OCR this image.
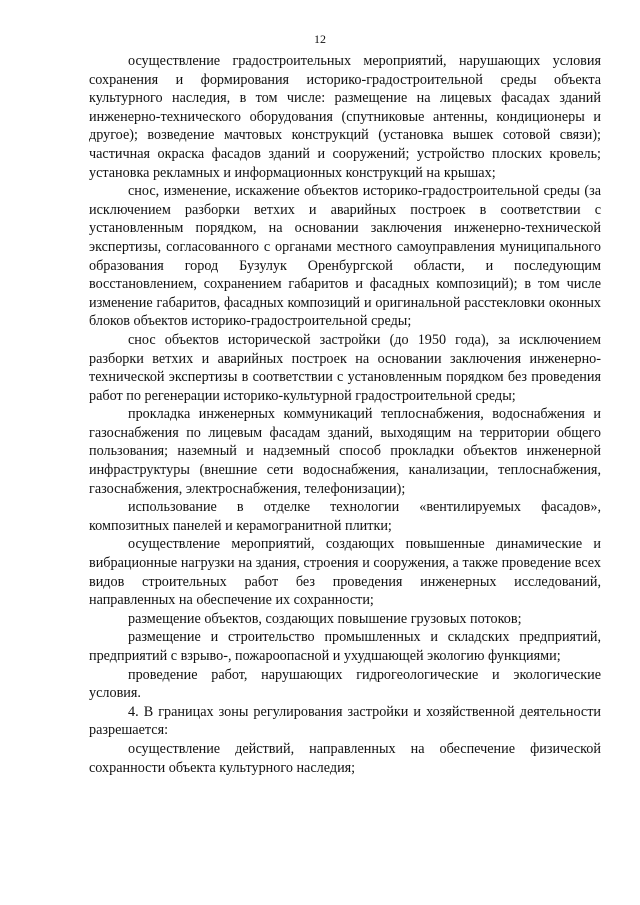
12

осуществление градостроительных мероприятий, нарушающих условия сохранения и формирования историко-градостроительной среды объекта культурного наследия, в том числе: размещение на лицевых фасадах зданий инженерно-технического оборудования (спутниковые антенны, кондиционеры и другое); возведение мачтовых конструкций (установка вышек сотовой связи); частичная окраска фасадов зданий и сооружений; устройство плоских кровель; установка рекламных и информационных конструкций на крышах;

снос, изменение, искажение объектов историко-градостроительной среды (за исключением разборки ветхих и аварийных построек в соответствии с установленным порядком, на основании заключения инженерно-технической экспертизы, согласованного с органами местного самоуправления муниципального образования город Бузулук Оренбургской области, и последующим восстановлением, сохранением габаритов и фасадных композиций); в том числе изменение габаритов, фасадных композиций и оригинальной расстекловки оконных блоков объектов историко-градостроительной среды;

снос объектов исторической застройки (до 1950 года), за исключением разборки ветхих и аварийных построек на основании заключения инженерно-технической экспертизы в соответствии с установленным порядком без проведения работ по регенерации историко-культурной градостроительной среды;

прокладка инженерных коммуникаций теплоснабжения, водоснабжения и газоснабжения по лицевым фасадам зданий, выходящим на территории общего пользования; наземный и надземный способ прокладки объектов инженерной инфраструктуры (внешние сети водоснабжения, канализации, теплоснабжения, газоснабжения, электроснабжения, телефонизации);

использование в отделке технологии «вентилируемых фасадов», композитных панелей и керамогранитной плитки;

осуществление мероприятий, создающих повышенные динамические и вибрационные нагрузки на здания, строения и сооружения, а также проведение всех видов строительных работ без проведения инженерных исследований, направленных на обеспечение их сохранности;

размещение объектов, создающих повышение грузовых потоков;

размещение и строительство промышленных и складских предприятий, предприятий с взрыво-, пожароопасной и ухудшающей экологию функциями;

проведение работ, нарушающих гидрогеологические и экологические условия.

4. В границах зоны регулирования застройки и хозяйственной деятельности разрешается:

осуществление действий, направленных на обеспечение физической сохранности объекта культурного наследия;
